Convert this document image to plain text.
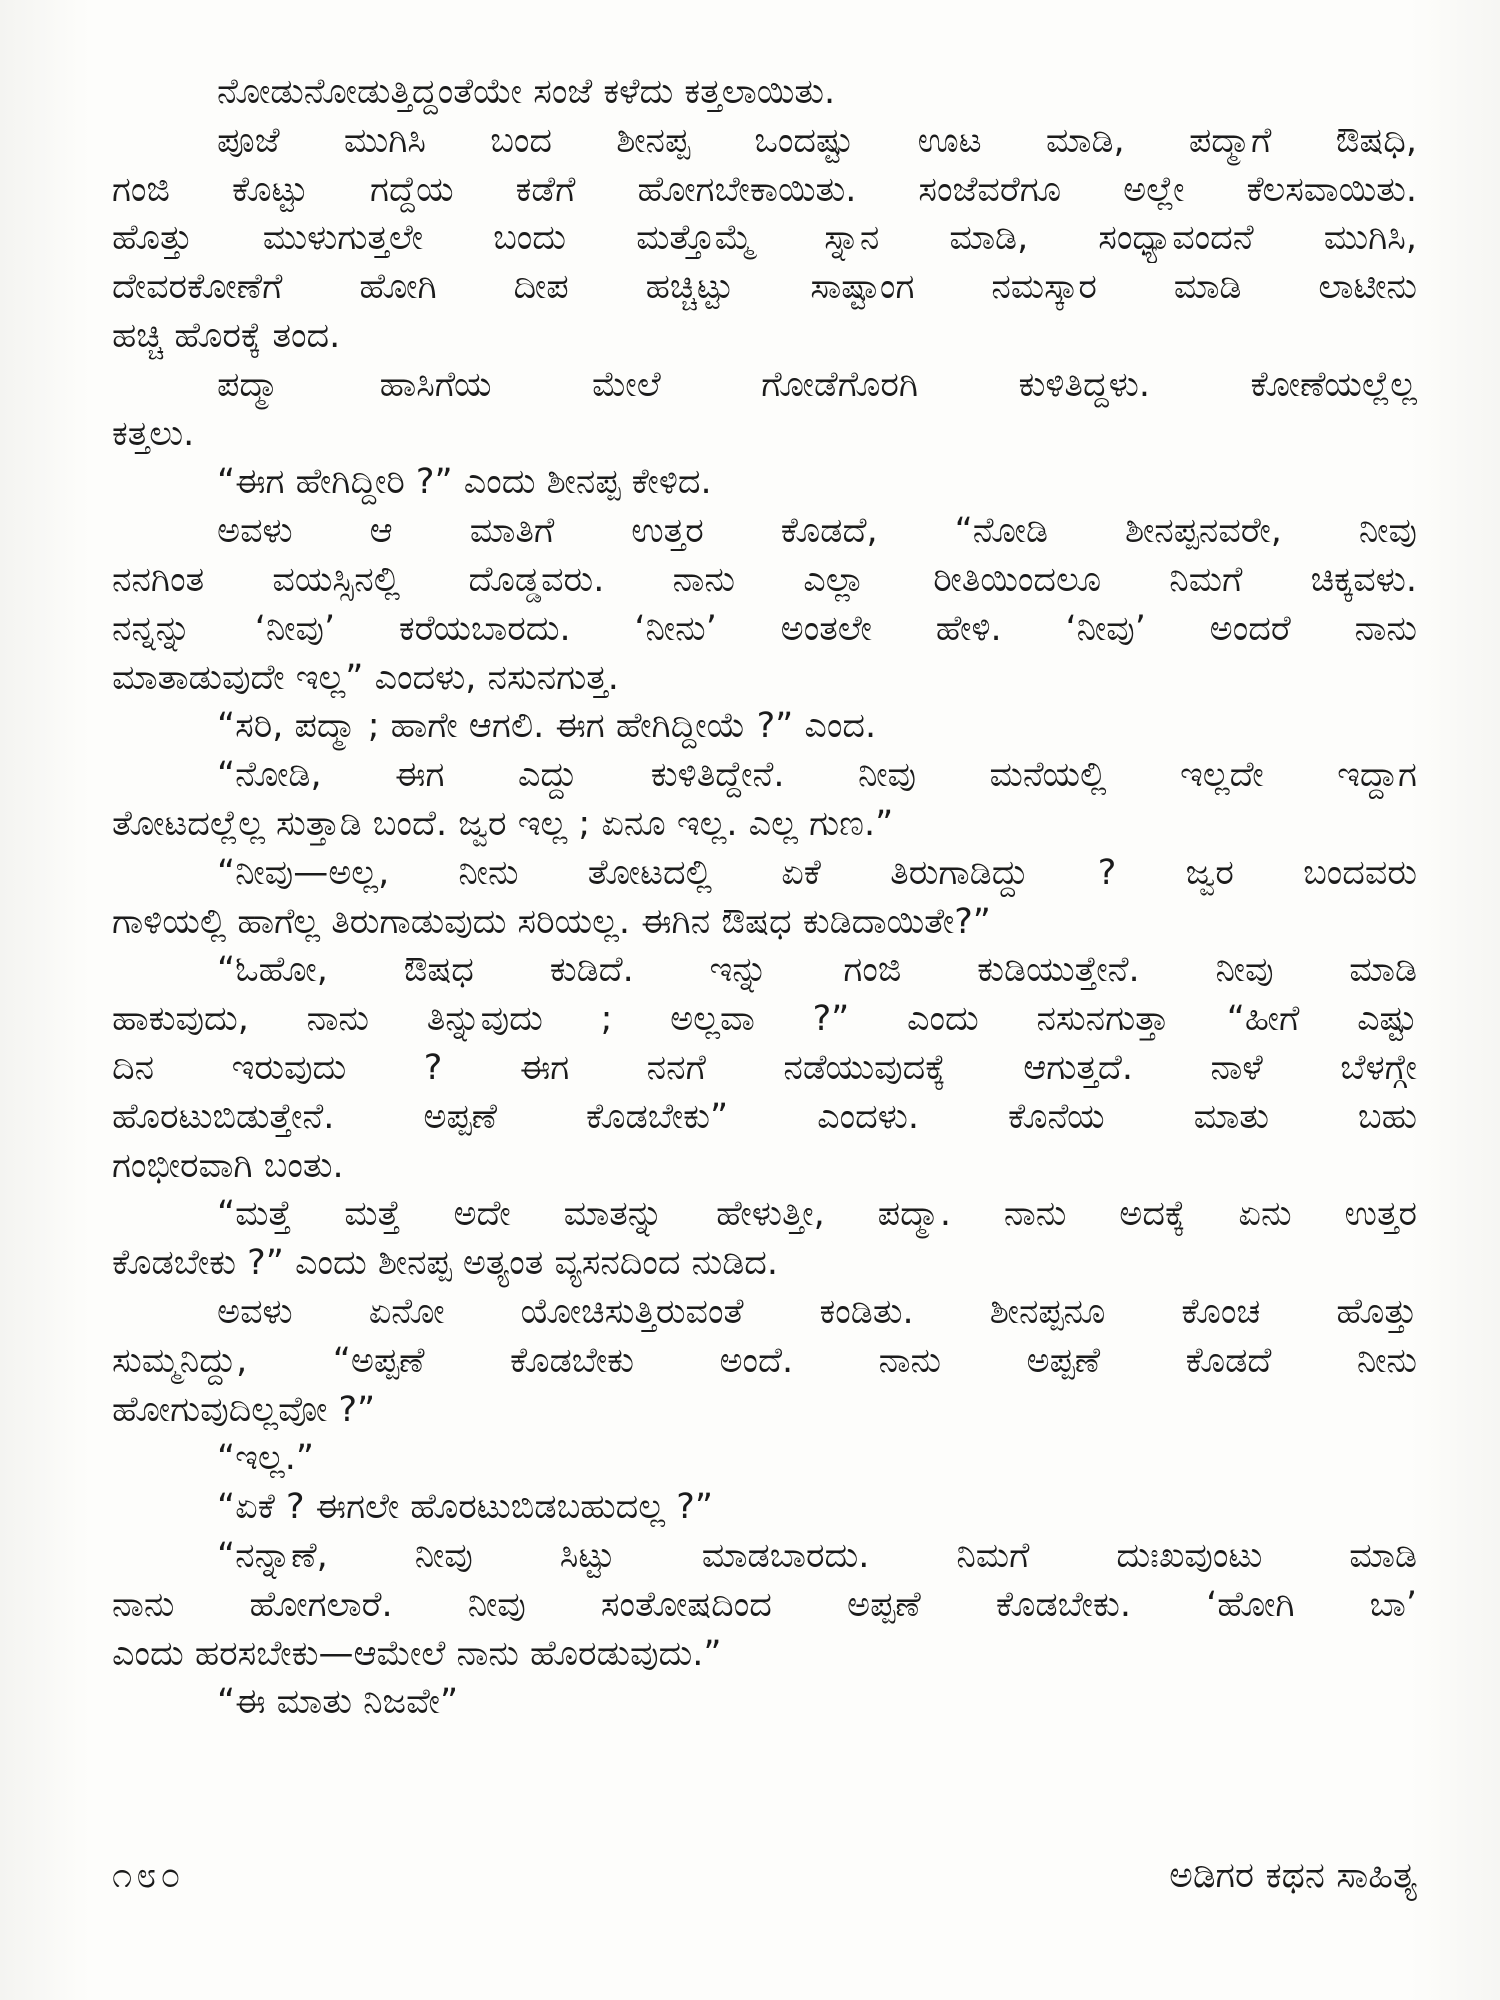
ನೋಡುನೋಡುತ್ತಿದ್ದಂತೆಯೇ ಸಂಜೆ ಕಳೆದು ಕತ್ತಲಾಯಿತು.
ಪೂಜೆ ಮುಗಿಸಿ ಬಂದ ಶೀನಪ್ಪ ಒಂದಷ್ಟು ಊಟ ಮಾಡಿ, ಪದ್ಮಾಗೆ ಔಷಧಿ,
ಗಂಜಿ ಕೊಟ್ಟು ಗದ್ದೆಯ ಕಡೆಗೆ ಹೋಗಬೇಕಾಯಿತು. ಸಂಜೆವರೆಗೂ ಅಲ್ಲೇ ಕೆಲಸವಾಯಿತು.
ಹೊತ್ತು ಮುಳುಗುತ್ತಲೇ ಬಂದು ಮತ್ತೊಮ್ಮೆ ಸ್ನಾನ ಮಾಡಿ, ಸಂಧ್ಯಾವಂದನೆ ಮುಗಿಸಿ,
ದೇವರಕೋಣೆಗೆ ಹೋಗಿ ದೀಪ ಹಚ್ಚಿಟ್ಟು ಸಾಷ್ಟಾಂಗ ನಮಸ್ಕಾರ ಮಾಡಿ ಲಾಟೀನು
ಹಚ್ಚಿ ಹೊರಕ್ಕೆ ತಂದ.
ಪದ್ಮಾ ಹಾಸಿಗೆಯ ಮೇಲೆ ಗೋಡೆಗೊರಗಿ ಕುಳಿತಿದ್ದಳು. ಕೋಣೆಯಲ್ಲೆಲ್ಲ
ಕತ್ತಲು.
“ಈಗ ಹೇಗಿದ್ದೀರಿ ?” ಎಂದು ಶೀನಪ್ಪ ಕೇಳಿದ.
ಅವಳು ಆ ಮಾತಿಗೆ ಉತ್ತರ ಕೊಡದೆ, “ನೋಡಿ ಶೀನಪ್ಪನವರೇ, ನೀವು
ನನಗಿಂತ ವಯಸ್ಸಿನಲ್ಲಿ ದೊಡ್ಡವರು. ನಾನು ಎಲ್ಲಾ ರೀತಿಯಿಂದಲೂ ನಿಮಗೆ ಚಿಕ್ಕವಳು.
ನನ್ನನ್ನು ‘ನೀವು’ ಕರೆಯಬಾರದು. ‘ನೀನು’ ಅಂತಲೇ ಹೇಳಿ. ‘ನೀವು’ ಅಂದರೆ ನಾನು
ಮಾತಾಡುವುದೇ ಇಲ್ಲ” ಎಂದಳು, ನಸುನಗುತ್ತ.
“ಸರಿ, ಪದ್ಮಾ ; ಹಾಗೇ ಆಗಲಿ. ಈಗ ಹೇಗಿದ್ದೀಯೆ ?” ಎಂದ.
“ನೋಡಿ, ಈಗ ಎದ್ದು ಕುಳಿತಿದ್ದೇನೆ. ನೀವು ಮನೆಯಲ್ಲಿ ಇಲ್ಲದೇ ಇದ್ದಾಗ
ತೋಟದಲ್ಲೆಲ್ಲ ಸುತ್ತಾಡಿ ಬಂದೆ. ಜ್ವರ ಇಲ್ಲ ; ಏನೂ ಇಲ್ಲ. ಎಲ್ಲ ಗುಣ.”
“ನೀವು—ಅಲ್ಲ, ನೀನು ತೋಟದಲ್ಲಿ ಏಕೆ ತಿರುಗಾಡಿದ್ದು ? ಜ್ವರ ಬಂದವರು
ಗಾಳಿಯಲ್ಲಿ ಹಾಗೆಲ್ಲ ತಿರುಗಾಡುವುದು ಸರಿಯಲ್ಲ. ಈಗಿನ ಔಷಧ ಕುಡಿದಾಯಿತೇ?”
“ಓಹೋ, ಔಷಧ ಕುಡಿದೆ. ಇನ್ನು ಗಂಜಿ ಕುಡಿಯುತ್ತೇನೆ. ನೀವು ಮಾಡಿ
ಹಾಕುವುದು, ನಾನು ತಿನ್ನುವುದು ; ಅಲ್ಲವಾ ?” ಎಂದು ನಸುನಗುತ್ತಾ “ಹೀಗೆ ಎಷ್ಟು
ದಿನ ಇರುವುದು ? ಈಗ ನನಗೆ ನಡೆಯುವುದಕ್ಕೆ ಆಗುತ್ತದೆ. ನಾಳೆ ಬೆಳಗ್ಗೇ
ಹೊರಟುಬಿಡುತ್ತೇನೆ. ಅಪ್ಪಣೆ ಕೊಡಬೇಕು” ಎಂದಳು. ಕೊನೆಯ ಮಾತು ಬಹು
ಗಂಭೀರವಾಗಿ ಬಂತು.
“ಮತ್ತೆ ಮತ್ತೆ ಅದೇ ಮಾತನ್ನು ಹೇಳುತ್ತೀ, ಪದ್ಮಾ. ನಾನು ಅದಕ್ಕೆ ಏನು ಉತ್ತರ
ಕೊಡಬೇಕು ?” ಎಂದು ಶೀನಪ್ಪ ಅತ್ಯಂತ ವ್ಯಸನದಿಂದ ನುಡಿದ.
ಅವಳು ಏನೋ ಯೋಚಿಸುತ್ತಿರುವಂತೆ ಕಂಡಿತು. ಶೀನಪ್ಪನೂ ಕೊಂಚ ಹೊತ್ತು
ಸುಮ್ಮನಿದ್ದು, “ಅಪ್ಪಣೆ ಕೊಡಬೇಕು ಅಂದೆ. ನಾನು ಅಪ್ಪಣೆ ಕೊಡದೆ ನೀನು
ಹೋಗುವುದಿಲ್ಲವೋ ?”
“ಇಲ್ಲ.”
“ಏಕೆ ? ಈಗಲೇ ಹೊರಟುಬಿಡಬಹುದಲ್ಲ ?”
“ನನ್ನಾಣೆ, ನೀವು ಸಿಟ್ಟು ಮಾಡಬಾರದು. ನಿಮಗೆ ದುಃಖವುಂಟು ಮಾಡಿ
ನಾನು ಹೋಗಲಾರೆ. ನೀವು ಸಂತೋಷದಿಂದ ಅಪ್ಪಣೆ ಕೊಡಬೇಕು. ‘ಹೋಗಿ ಬಾ’
ಎಂದು ಹರಸಬೇಕು—ಆಮೇಲೆ ನಾನು ಹೊರಡುವುದು.”
“ಈ ಮಾತು ನಿಜವೇ”
೧೮೦	ಅಡಿಗರ ಕಥನ ಸಾಹಿತ್ಯ
